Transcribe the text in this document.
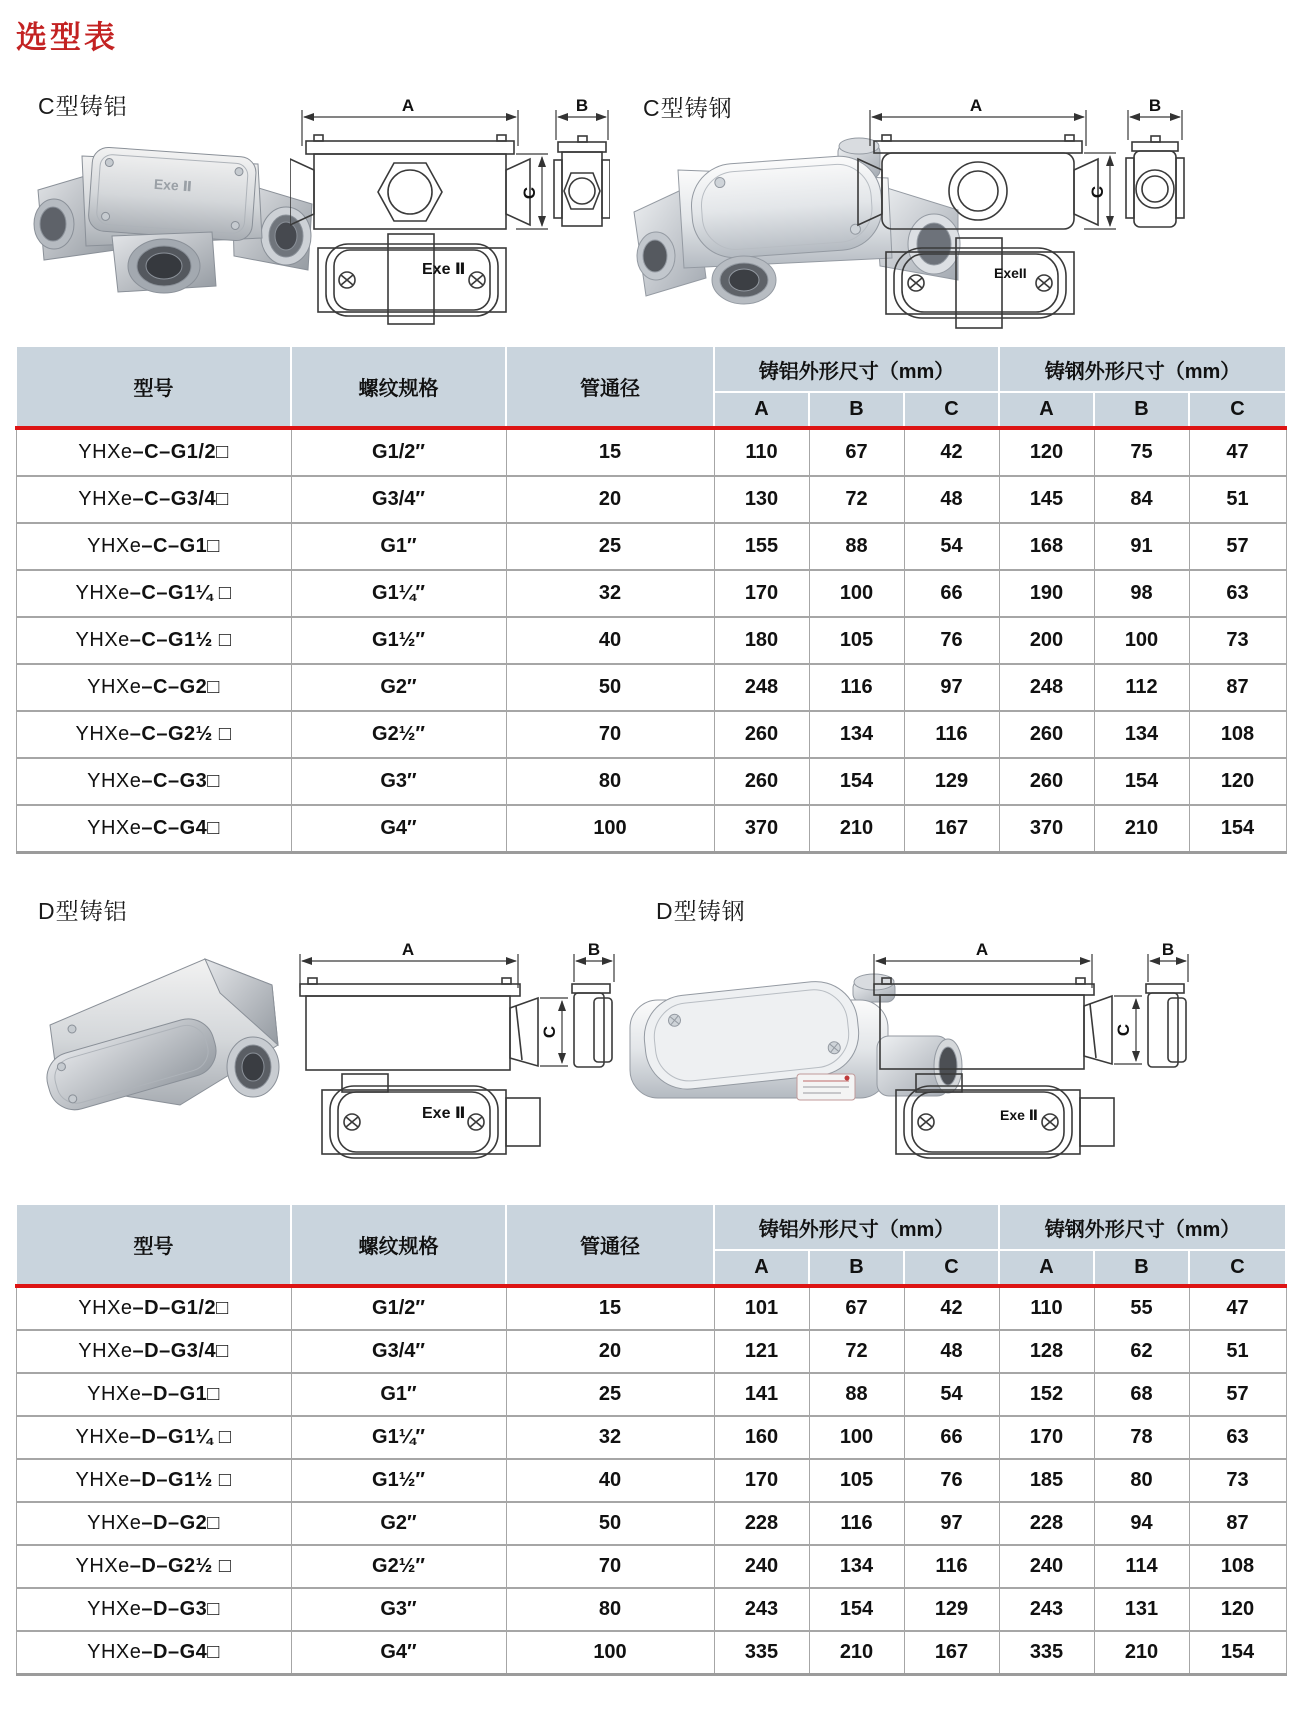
选型表
C型铸铝	C型铸钢
Exe Ⅱ
A
C
B
Exe Ⅱ
A
C
B
ExeII
型号	螺纹规格	管通径	铸铝外形尺寸（mm）			铸钢外形尺寸（mm）		
			A	B	C	A	B	C
YHXe–C–G1/2□	G1/2″	15	110	67	42	120	75	47
YHXe–C–G3/4□	G3/4″	20	130	72	48	145	84	51
YHXe–C–G1□	G1″	25	155	88	54	168	91	57
YHXe–C–G1¼ □	G1¼″	32	170	100	66	190	98	63
YHXe–C–G1½ □	G1½″	40	180	105	76	200	100	73
YHXe–C–G2□	G2″	50	248	116	97	248	112	87
YHXe–C–G2½ □	G2½″	70	260	134	116	260	134	108
YHXe–C–G3□	G3″	80	260	154	129	260	154	120
YHXe–C–G4□	G4″	100	370	210	167	370	210	154
D型铸铝	D型铸钢
A
C
B
Exe Ⅱ
A
C
B
Exe Ⅱ
型号	螺纹规格	管通径	铸铝外形尺寸（mm）			铸钢外形尺寸（mm）		
			A	B	C	A	B	C
YHXe–D–G1/2□	G1/2″	15	101	67	42	110	55	47
YHXe–D–G3/4□	G3/4″	20	121	72	48	128	62	51
YHXe–D–G1□	G1″	25	141	88	54	152	68	57
YHXe–D–G1¼ □	G1¼″	32	160	100	66	170	78	63
YHXe–D–G1½ □	G1½″	40	170	105	76	185	80	73
YHXe–D–G2□	G2″	50	228	116	97	228	94	87
YHXe–D–G2½ □	G2½″	70	240	134	116	240	114	108
YHXe–D–G3□	G3″	80	243	154	129	243	131	120
YHXe–D–G4□	G4″	100	335	210	167	335	210	154
